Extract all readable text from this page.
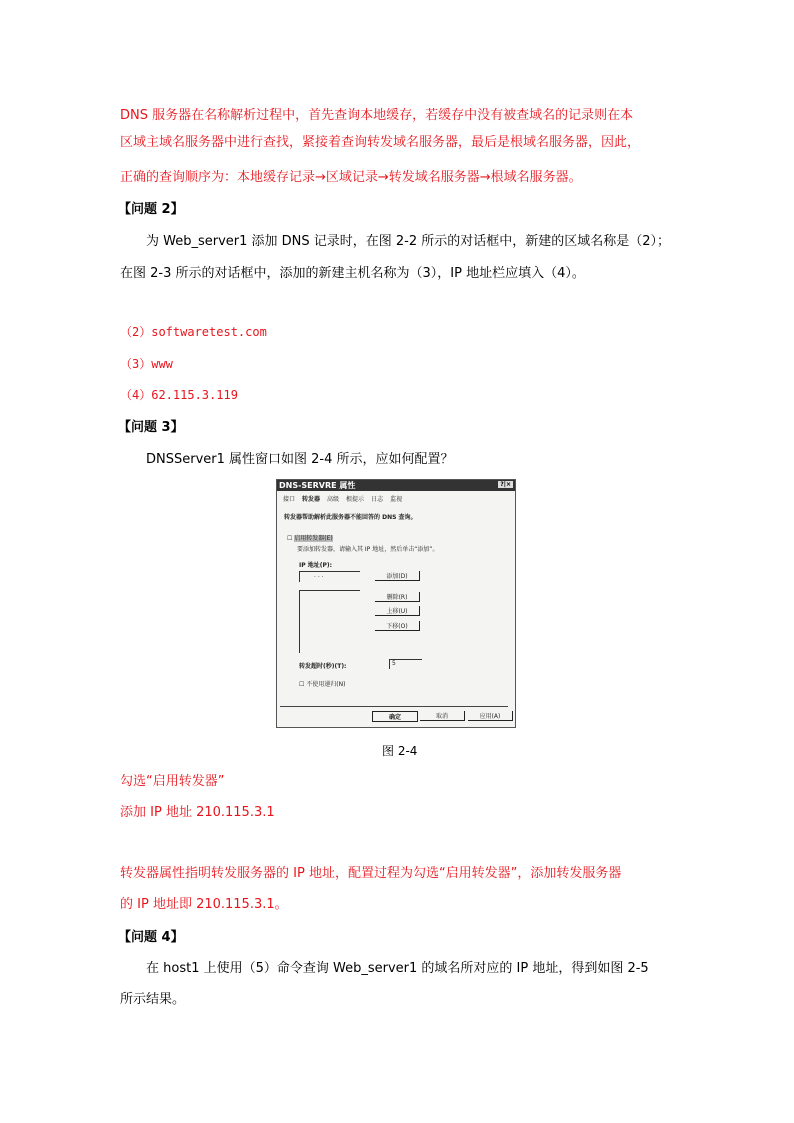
DNS 服务器在名称解析过程中，首先查询本地缓存，若缓存中没有被查域名的记录则在本
区域主域名服务器中进行查找，紧接着查询转发域名服务器，最后是根域名服务器，因此，
正确的查询顺序为：本地缓存记录→区域记录→转发域名服务器→根域名服务器。
【问题 2】
为 Web_server1 添加 DNS 记录时，在图 2-2 所示的对话框中，新建的区域名称是（2）；
在图 2-3 所示的对话框中，添加的新建主机名称为（3），IP 地址栏应填入（4）。
（2）softwaretest.com
（3）www
（4）62.115.3.119
【问题 3】
DNSServer1 属性窗口如图 2-4 所示，应如何配置？
DNS-SERVRE 属性	?|×
接口 转发器 高级 根提示 日志 监视
转发器帮助解析此服务器不能回答的 DNS 查询。
☐ 启用转发器(E)
要添加转发器，请输入其 IP 地址，然后单击“添加”。
IP 地址(P):
. . .	添加(D)
删除(R)
上移(U)
下移(O)
转发超时(秒)(T):	5
☐ 不使用递归(N)
确定	取消	应用(A)
图 2-4
勾选“启用转发器”
添加 IP 地址 210.115.3.1
转发器属性指明转发服务器的 IP 地址，配置过程为勾选“启用转发器”，添加转发服务器
的 IP 地址即 210.115.3.1。
【问题 4】
在 host1 上使用（5）命令查询 Web_server1 的域名所对应的 IP 地址，得到如图 2-5
所示结果。
